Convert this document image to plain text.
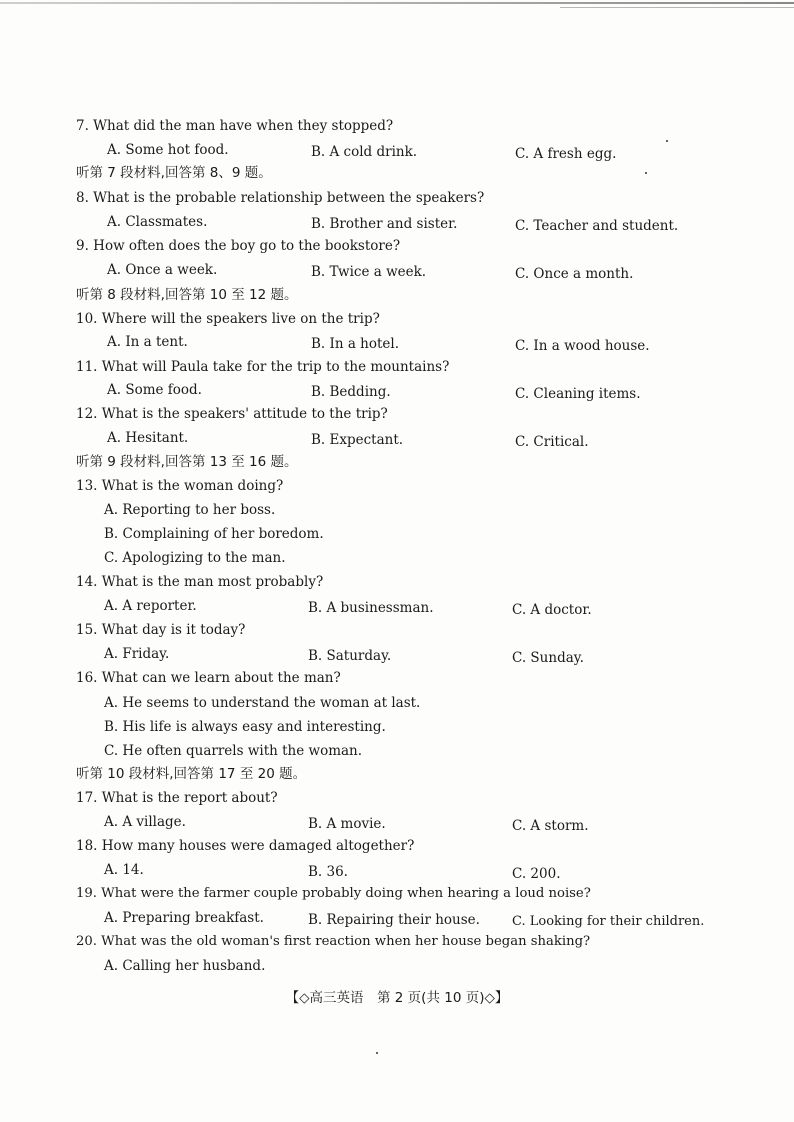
7. What did the man have when they stopped?
A. Some hot food.	B. A cold drink.	C. A fresh egg.
听第 7 段材料,回答第 8、9 题。
8. What is the probable relationship between the speakers?
A. Classmates.	B. Brother and sister.	C. Teacher and student.
9. How often does the boy go to the bookstore?
A. Once a week.	B. Twice a week.	C. Once a month.
听第 8 段材料,回答第 10 至 12 题。
10. Where will the speakers live on the trip?
A. In a tent.	B. In a hotel.	C. In a wood house.
11. What will Paula take for the trip to the mountains?
A. Some food.	B. Bedding.	C. Cleaning items.
12. What is the speakers' attitude to the trip?
A. Hesitant.	B. Expectant.	C. Critical.
听第 9 段材料,回答第 13 至 16 题。
13. What is the woman doing?
A. Reporting to her boss.
B. Complaining of her boredom.
C. Apologizing to the man.
14. What is the man most probably?
A. A reporter.	B. A businessman.	C. A doctor.
15. What day is it today?
A. Friday.	B. Saturday.	C. Sunday.
16. What can we learn about the man?
A. He seems to understand the woman at last.
B. His life is always easy and interesting.
C. He often quarrels with the woman.
听第 10 段材料,回答第 17 至 20 题。
17. What is the report about?
A. A village.	B. A movie.	C. A storm.
18. How many houses were damaged altogether?
A. 14.	B. 36.	C. 200.
19. What were the farmer couple probably doing when hearing a loud noise?
A. Preparing breakfast.	B. Repairing their house. C. Looking for their children.
20. What was the old woman's first reaction when her house began shaking?
A. Calling her husband.
【◇高三英语　第 2 页(共 10 页)◇】
